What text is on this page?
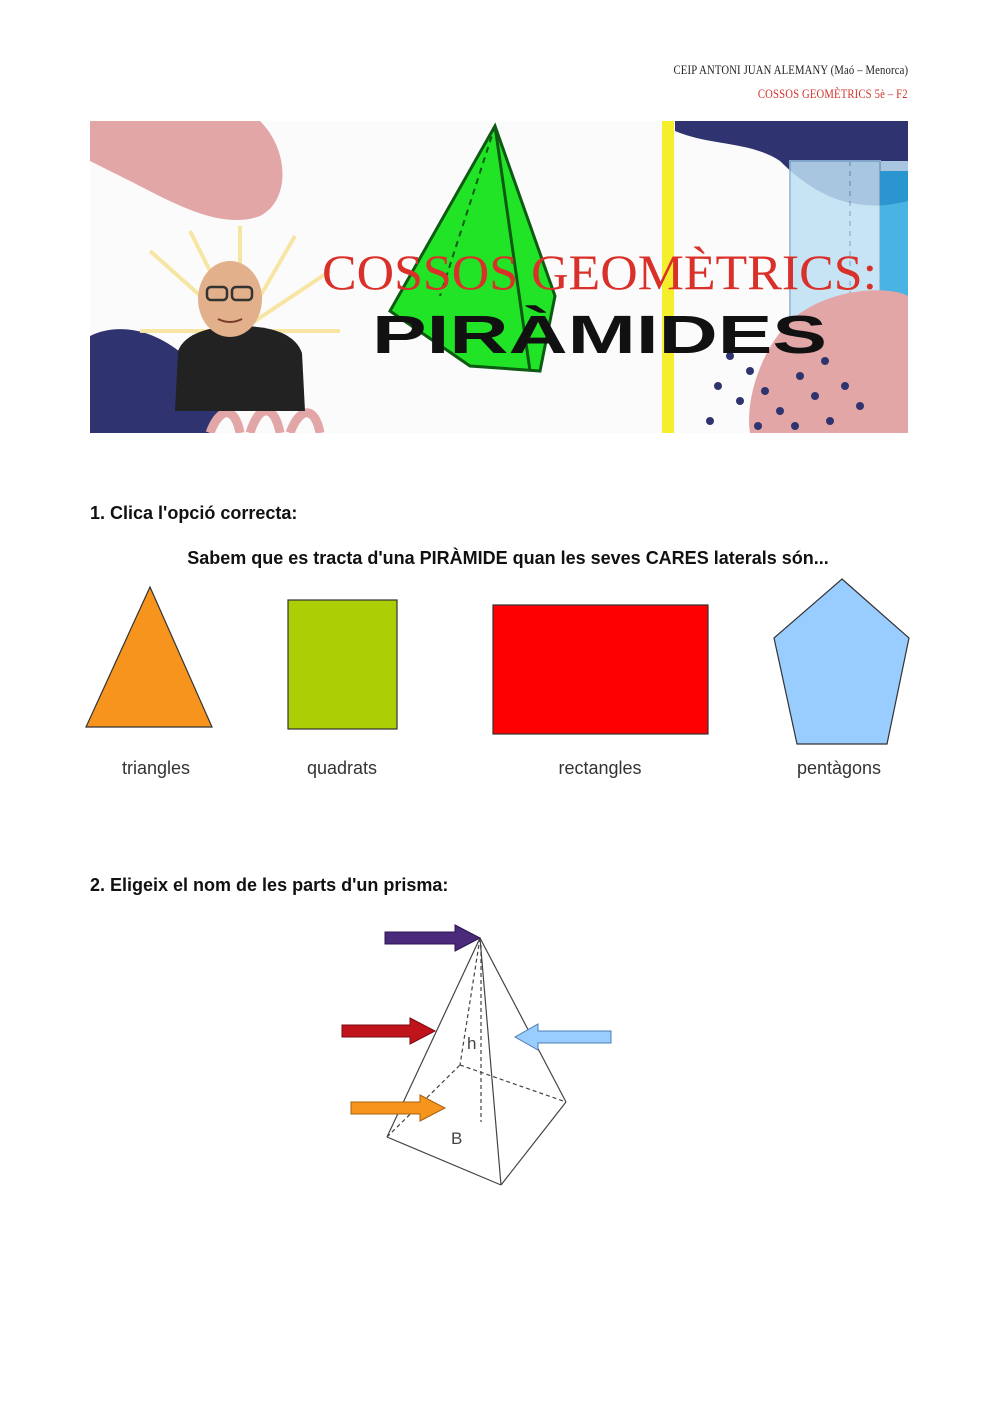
CEIP ANTONI JUAN ALEMANY (Maó – Menorca)
COSSOS GEOMÈTRICS 5è – F2
COSSOS GEOMÈTRICS:
PIRÀMIDES
1. Clica l'opció correcta:
Sabem que es tracta d'una PIRÀMIDE quan les seves CARES laterals són...
triangles	quadrats	rectangles	pentàgons
2. Eligeix el nom de les parts d'un prisma:
h
B
